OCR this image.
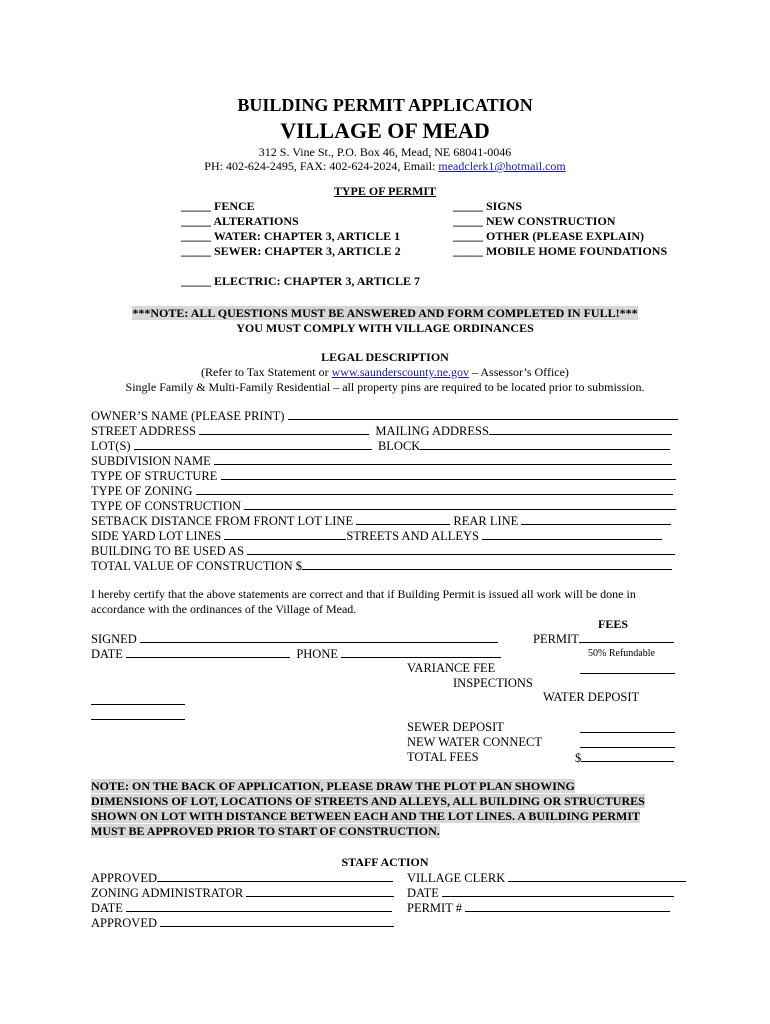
BUILDING PERMIT APPLICATION
VILLAGE OF MEAD
312 S. Vine St., P.O. Box 46, Mead, NE 68041-0046
PH: 402-624-2495, FAX: 402-624-2024, Email: meadclerk1@hotmail.com
TYPE OF PERMIT
_____ FENCE
_____ ALTERATIONS
_____ WATER: CHAPTER 3, ARTICLE 1
_____ SEWER: CHAPTER 3, ARTICLE 2
_____ SIGNS
_____ NEW CONSTRUCTION
_____ OTHER (PLEASE EXPLAIN)
_____ MOBILE HOME FOUNDATIONS
_____ ELECTRIC: CHAPTER 3, ARTICLE 7
***NOTE: ALL QUESTIONS MUST BE ANSWERED AND FORM COMPLETED IN FULL!***
YOU MUST COMPLY WITH VILLAGE ORDINANCES
LEGAL DESCRIPTION
(Refer to Tax Statement or www.saunderscounty.ne.gov – Assessor’s Office)
Single Family & Multi-Family Residential – all property pins are required to be located prior to submission.
OWNER’S NAME (PLEASE PRINT)
STREET ADDRESS	MAILING ADDRESS
LOT(S)	BLOCK
SUBDIVISION NAME
TYPE OF STRUCTURE
TYPE OF ZONING
TYPE OF CONSTRUCTION
SETBACK DISTANCE FROM FRONT LOT LINE	REAR LINE
SIDE YARD LOT LINES	STREETS AND ALLEYS
BUILDING TO BE USED AS
TOTAL VALUE OF CONSTRUCTION $
I hereby certify that the above statements are correct and that if Building Permit is issued all work will be done in
accordance with the ordinances of the Village of Mead.
FEES
SIGNED	PERMIT
DATE	PHONE	50% Refundable
VARIANCE FEE
INSPECTIONS
WATER DEPOSIT
SEWER DEPOSIT
NEW WATER CONNECT
TOTAL FEES	$
NOTE: ON THE BACK OF APPLICATION, PLEASE DRAW THE PLOT PLAN SHOWING
DIMENSIONS OF LOT, LOCATIONS OF STREETS AND ALLEYS, ALL BUILDING OR STRUCTURES
SHOWN ON LOT WITH DISTANCE BETWEEN EACH AND THE LOT LINES. A BUILDING PERMIT
MUST BE APPROVED PRIOR TO START OF CONSTRUCTION.
STAFF ACTION
APPROVED	VILLAGE CLERK
ZONING ADMINISTRATOR	DATE
DATE	PERMIT #
APPROVED
